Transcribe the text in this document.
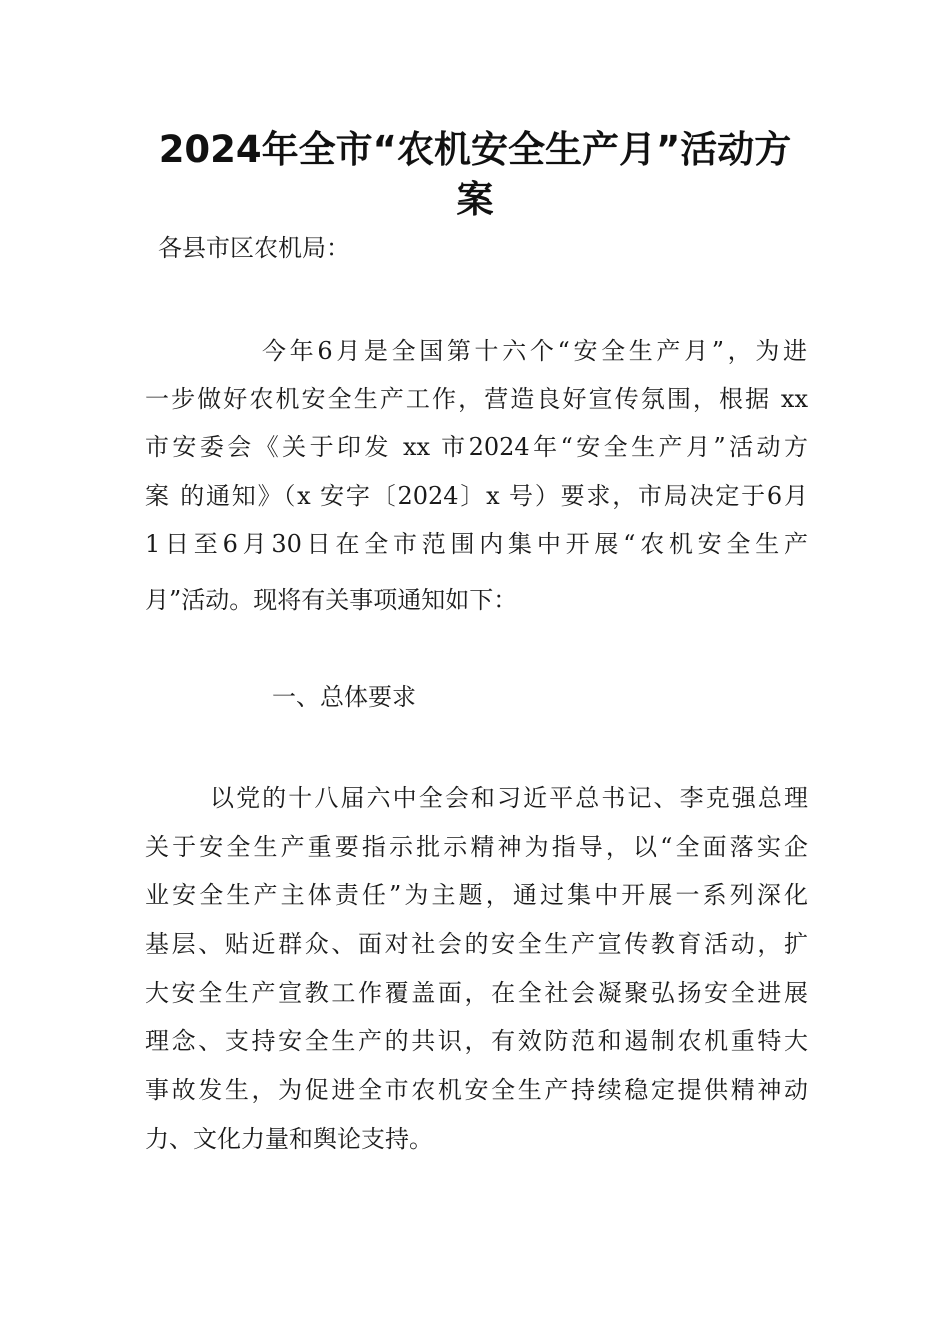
2024年全市“农机安全生产月”活动方
案

各县市区农机局：

今年6月是全国第十六个“安全生产月”，为进

一步做好农机安全生产工作，营造良好宣传氛围，根据 xx

市安委会《关于印发 xx 市2024年“安全生产月”活动方

案 的通知》（x 安字〔2024〕x 号）要求，市局决定于6月

1日至6月30日在全市范围内集中开展“农机安全生产

月”活动。现将有关事项通知如下：

一、总体要求

以党的十八届六中全会和习近平总书记、李克强总理

关于安全生产重要指示批示精神为指导，以“全面落实企

业安全生产主体责任”为主题，通过集中开展一系列深化

基层、贴近群众、面对社会的安全生产宣传教育活动，扩

大安全生产宣教工作覆盖面，在全社会凝聚弘扬安全进展

理念、支持安全生产的共识，有效防范和遏制农机重特大

事故发生，为促进全市农机安全生产持续稳定提供精神动

力、文化力量和舆论支持。
